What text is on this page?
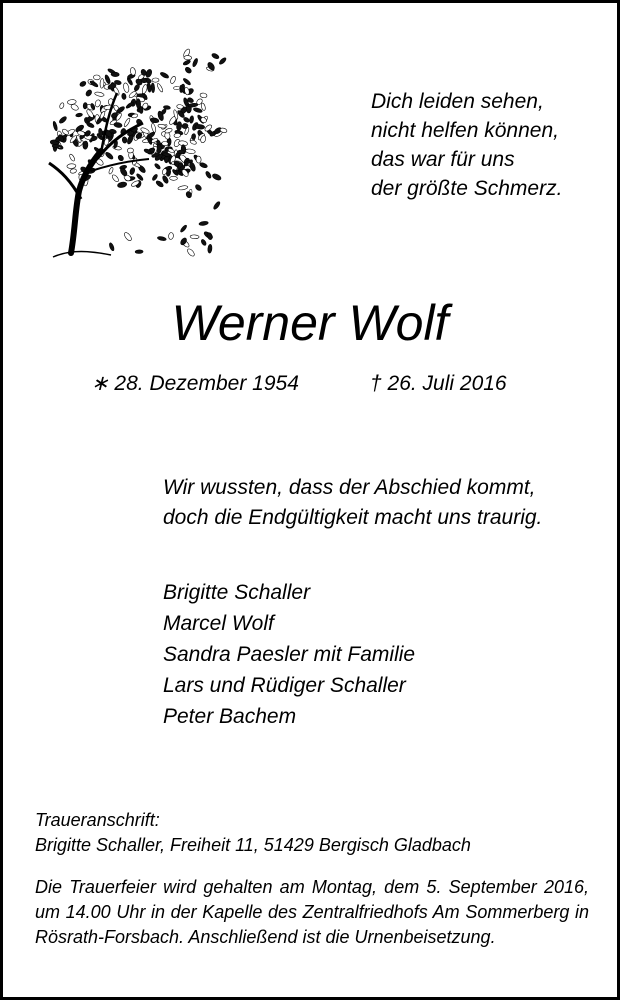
Dich leiden sehen,
nicht helfen können,
das war für uns
der größte Schmerz.
Werner Wolf
∗ 28. Dezember 1954	† 26. Juli 2016
Wir wussten, dass der Abschied kommt,
doch die Endgültigkeit macht uns traurig.
Brigitte Schaller
Marcel Wolf
Sandra Paesler mit Familie
Lars und Rüdiger Schaller
Peter Bachem
Traueranschrift:
Brigitte Schaller, Freiheit 11, 51429 Bergisch Gladbach
Die Trauerfeier wird gehalten am Montag, dem 5. September 2016, um 14.00 Uhr in der Kapelle des Zentralfriedhofs Am Sommerberg in Rösrath-Forsbach. Anschließend ist die Urnenbeisetzung.
